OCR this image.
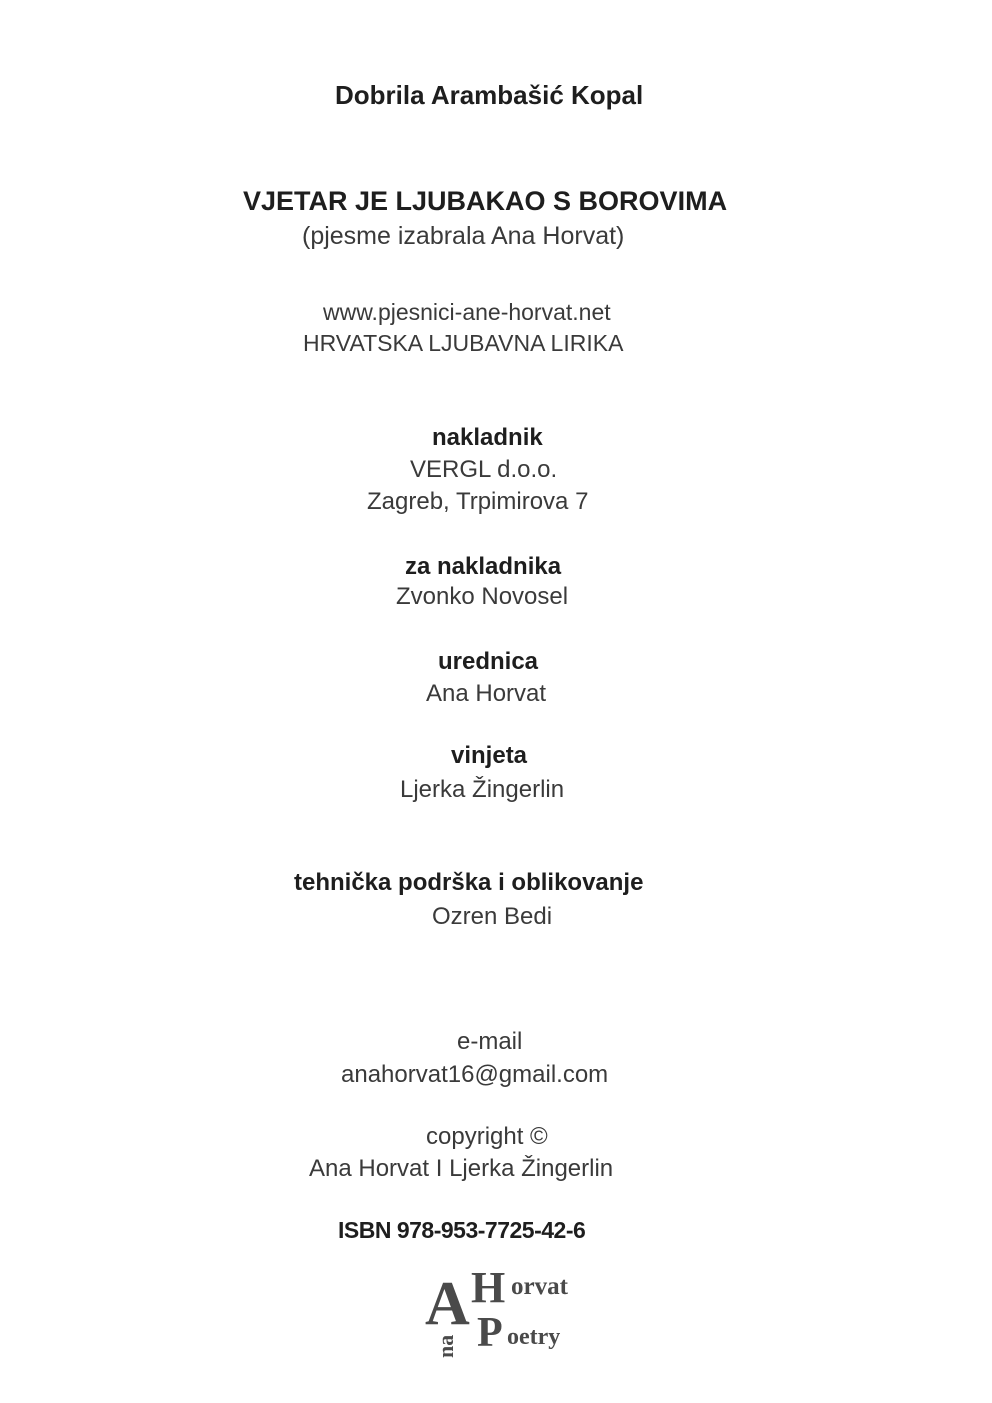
Dobrila Arambašić Kopal
VJETAR JE LJUBAKAO S BOROVIMA
(pjesme izabrala Ana Horvat)
www.pjesnici-ane-horvat.net
HRVATSKA LJUBAVNA LIRIKA
nakladnik
VERGL d.o.o.
Zagreb, Trpimirova 7
za nakladnika
Zvonko Novosel
urednica
Ana Horvat
vinjeta
Ljerka Žingerlin
tehnička podrška i oblikovanje
Ozren Bedi
e-mail
anahorvat16@gmail.com
copyright ©
Ana Horvat I Ljerka Žingerlin
ISBN 978-953-7725-42-6
A H orvat
P oetry
na
